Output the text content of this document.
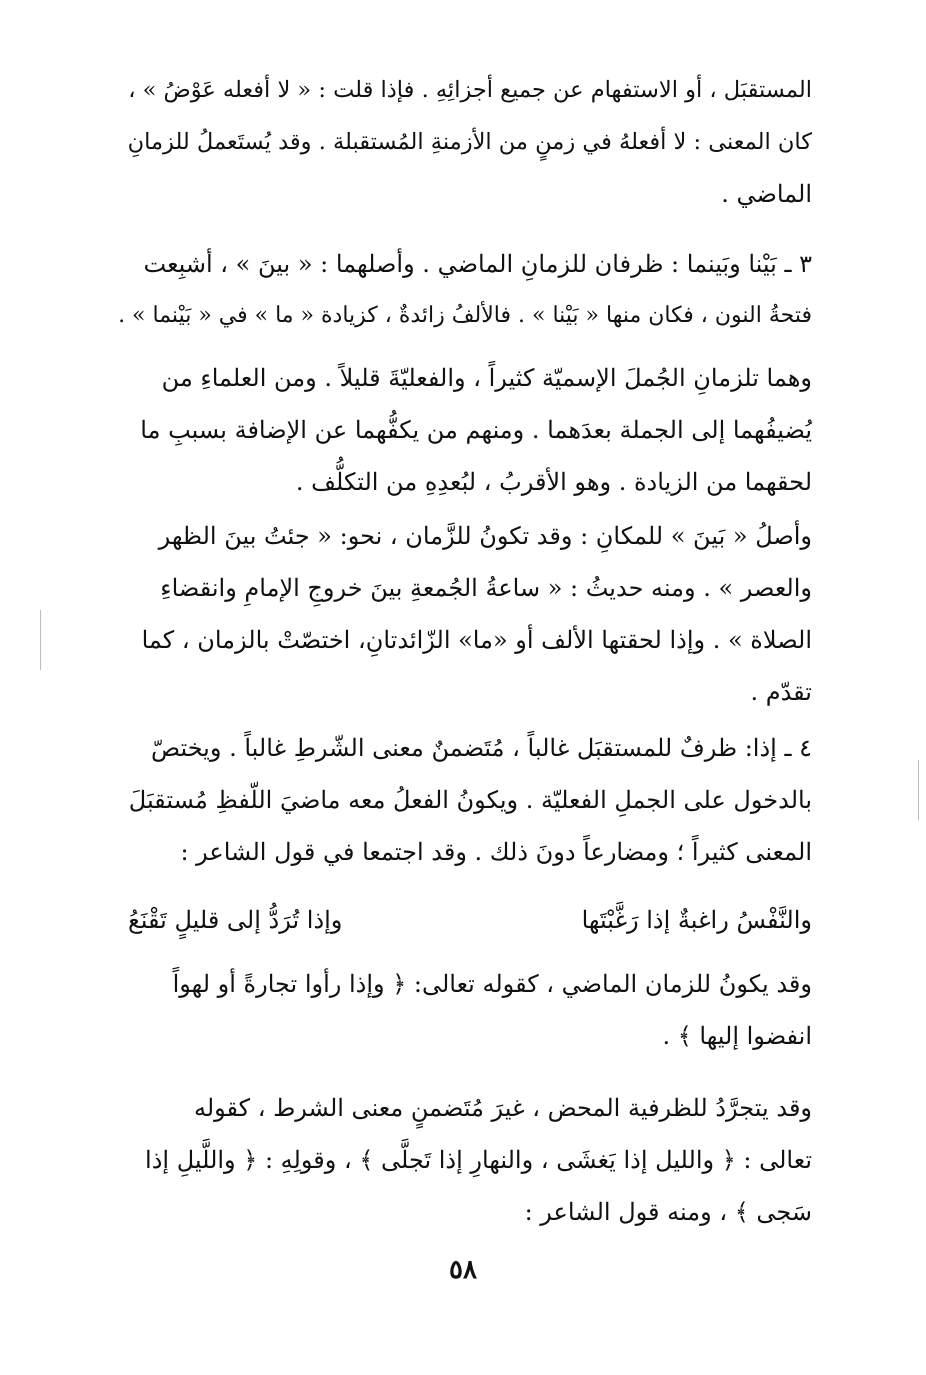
المستقبَل ، أو الاستفهام عن جميع أجزائِهِ . فإذا قلت : « لا أفعله عَوْضُ » ،
كان المعنى : لا أفعلهُ في زمنٍ من الأزمنةِ المُستقبلة . وقد يُستَعملُ للزمانِ
الماضي .
٣ ـ بَيْنا وبَينما : ظرفان للزمانِ الماضي . وأصلهما : « بينَ » ، أشبِعت
فتحةُ النون ، فكان منها « بَيْنا » . فالألفُ زائدةٌ ، كزيادة « ما » في « بَيْنما » .
وهما تلزمانِ الجُملَ الإسميّة كثيراً ، والفعليّةَ قليلاً . ومن العلماءِ من
يُضيفُهما إلى الجملة بعدَهما . ومنهم من يكفُّهما عن الإضافة بسببِ ما
لحقهما من الزيادة . وهو الأقربُ ، لبُعدِهِ من التكلُّف .
وأصلُ « بَينَ » للمكانِ : وقد تكونُ للزَّمان ، نحو: « جئتُ بينَ الظهر
والعصر » . ومنه حديثُ : « ساعةُ الجُمعةِ بينَ خروجِ الإمامِ وانقضاءِ
الصلاة » . وإذا لحقتها الألف أو «ما» الزّائدتانِ، اختصّتْ بالزمان ، كما
تقدّم .
٤ ـ إذا: ظرفٌ للمستقبَل غالباً ، مُتَضمنٌ معنى الشّرطِ غالباً . ويختصّ
بالدخول على الجملِ الفعليّة . ويكونُ الفعلُ معه ماضيَ اللّفظِ مُستقبَلَ
المعنى كثيراً ؛ ومضارعاً دونَ ذلك . وقد اجتمعا في قول الشاعر :
والنَّفْسُ راغبةٌ إذا رَغَّبْتَها
وإذا تُرَدُّ إلى قليلٍ تَقْنَعُ
وقد يكونُ للزمان الماضي ، كقوله تعالى: ﴿ وإذا رأوا تجارةً أو لهواً
انفضوا إليها ﴾ .
وقد يتجرَّدُ للظرفية المحض ، غيرَ مُتَضمنٍ معنى الشرط ، كقوله
تعالى : ﴿ والليل إذا يَغشَى ، والنهارِ إذا تَجلَّى ﴾ ، وقولِهِ : ﴿ واللَّيلِ إذا
سَجى ﴾ ، ومنه قول الشاعر :
٥٨
